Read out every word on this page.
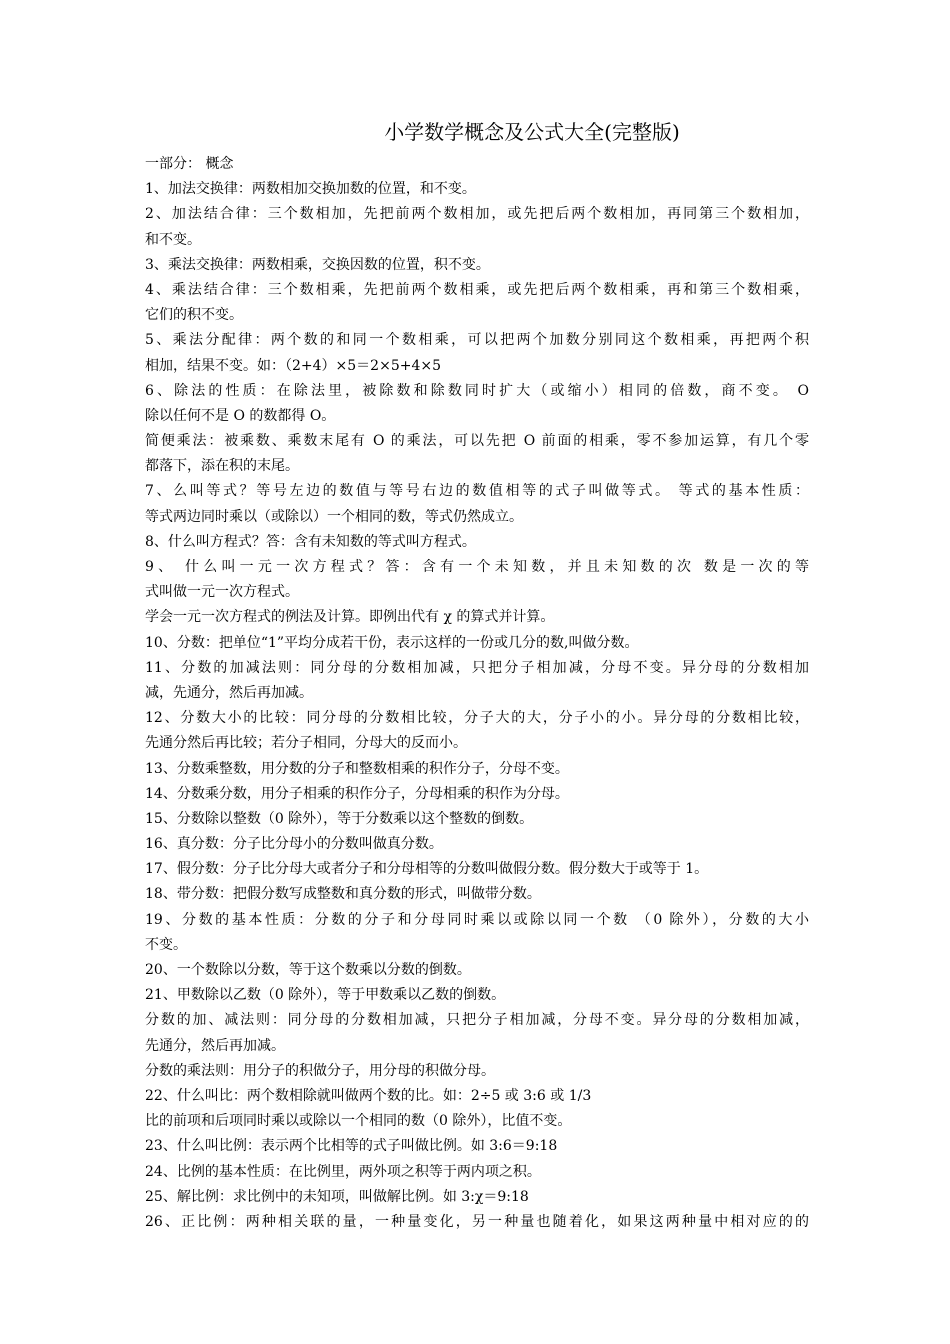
小学数学概念及公式大全(完整版)
一部分： 概念
1、加法交换律：两数相加交换加数的位置，和不变。
2、加法结合律：三个数相加，先把前两个数相加，或先把后两个数相加，再同第三个数相加，
和不变。
3、乘法交换律：两数相乘，交换因数的位置，积不变。
4、乘法结合律：三个数相乘，先把前两个数相乘，或先把后两个数相乘，再和第三个数相乘，
它们的积不变。
5、乘法分配律：两个数的和同一个数相乘，可以把两个加数分别同这个数相乘，再把两个积
相加，结果不变。如：（2+4）×5＝2×5+4×5
6、除法的性质：在除法里，被除数和除数同时扩大（或缩小）相同的倍数，商不变。 O
除以任何不是 O 的数都得 O。
简便乘法：被乘数、乘数末尾有 O 的乘法，可以先把 O 前面的相乘，零不参加运算，有几个零
都落下，添在积的末尾。
7、么叫等式？等号左边的数值与等号右边的数值相等的式子叫做等式。 等式的基本性质：
等式两边同时乘以（或除以）一个相同的数，等式仍然成立。
8、什么叫方程式？答：含有未知数的等式叫方程式。
9、 什么叫一元一次方程式？答：含有一个未知数，并且未知数的次 数是一次的等
式叫做一元一次方程式。
学会一元一次方程式的例法及计算。即例出代有 χ 的算式并计算。
10、分数：把单位“1”平均分成若干份，表示这样的一份或几分的数,叫做分数。
11、分数的加减法则：同分母的分数相加减，只把分子相加减，分母不变。异分母的分数相加
减，先通分，然后再加减。
12、分数大小的比较：同分母的分数相比较，分子大的大，分子小的小。异分母的分数相比较，
先通分然后再比较；若分子相同，分母大的反而小。
13、分数乘整数，用分数的分子和整数相乘的积作分子，分母不变。
14、分数乘分数，用分子相乘的积作分子，分母相乘的积作为分母。
15、分数除以整数（0 除外），等于分数乘以这个整数的倒数。
16、真分数：分子比分母小的分数叫做真分数。
17、假分数：分子比分母大或者分子和分母相等的分数叫做假分数。假分数大于或等于 1。
18、带分数：把假分数写成整数和真分数的形式，叫做带分数。
19、分数的基本性质：分数的分子和分母同时乘以或除以同一个数 （0 除外），分数的大小
不变。
20、一个数除以分数，等于这个数乘以分数的倒数。
21、甲数除以乙数（0 除外），等于甲数乘以乙数的倒数。
分数的加、减法则：同分母的分数相加减，只把分子相加减，分母不变。异分母的分数相加减，
先通分，然后再加减。
分数的乘法则：用分子的积做分子，用分母的积做分母。
22、什么叫比：两个数相除就叫做两个数的比。如：2÷5 或 3:6 或 1/3
比的前项和后项同时乘以或除以一个相同的数（0 除外），比值不变。
23、什么叫比例：表示两个比相等的式子叫做比例。如 3:6＝9:18
24、比例的基本性质：在比例里，两外项之积等于两内项之积。
25、解比例：求比例中的未知项，叫做解比例。如 3:χ＝9:18
26、正比例：两种相关联的量，一种量变化，另一种量也随着化，如果这两种量中相对应的的
